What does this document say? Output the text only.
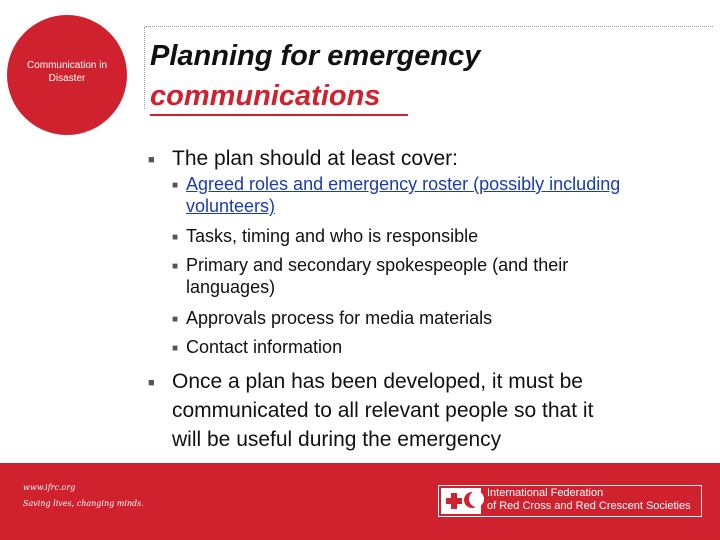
Communication in
Disaster
Planning for emergency
communications
■ The plan should at least cover:
■ Agreed roles and emergency roster (possibly including
volunteers)
■ Tasks, timing and who is responsible
■ Primary and secondary spokespeople (and their
languages)
■ Approvals process for media materials
■ Contact information
■ Once a plan has been developed, it must be
communicated to all relevant people so that it
will be useful during the emergency
www.ifrc.org
Saving lives, changing minds.
International Federation
of Red Cross and Red Crescent Societies
